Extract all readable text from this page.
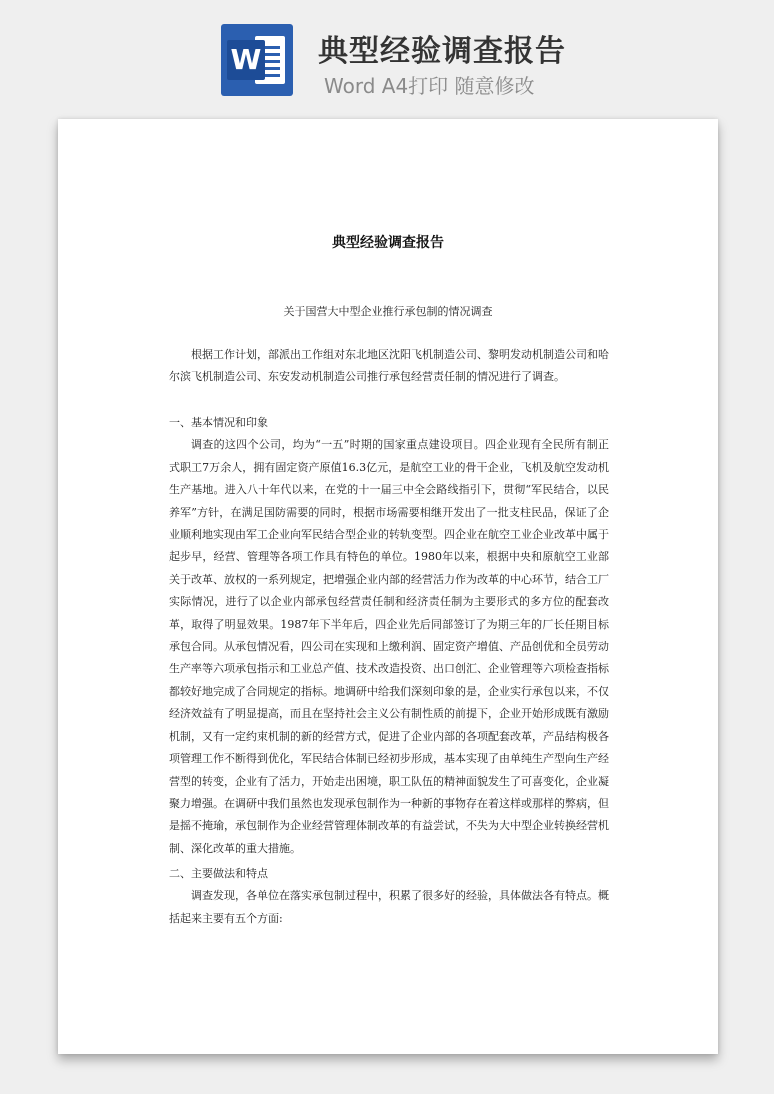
W 典型经验调查报告
Word A4打印 随意修改
典型经验调查报告
关于国营大中型企业推行承包制的情况调查

根据工作计划，部派出工作组对东北地区沈阳飞机制造公司、黎明发动机制造公司和哈尔滨飞机制造公司、东安发动机制造公司推行承包经营责任制的情况进行了调查。

一、基本情况和印象

调查的这四个公司，均为“一五”时期的国家重点建设项目。四企业现有全民所有制正式职工7万余人，拥有固定资产原值16.3亿元，是航空工业的骨干企业，飞机及航空发动机生产基地。进入八十年代以来，在党的十一届三中全会路线指引下，贯彻“军民结合，以民养军”方针，在满足国防需要的同时，根据市场需要相继开发出了一批支柱民品，保证了企业顺利地实现由军工企业向军民结合型企业的转轨变型。四企业在航空工业企业改革中属于起步早，经营、管理等各项工作具有特色的单位。1980年以来，根据中央和原航空工业部关于改革、放权的一系列规定，把增强企业内部的经营活力作为改革的中心环节，结合工厂实际情况，进行了以企业内部承包经营责任制和经济责任制为主要形式的多方位的配套改革，取得了明显效果。1987年下半年后，四企业先后同部签订了为期三年的厂长任期目标承包合同。从承包情况看，四公司在实现和上缴利润、固定资产增值、产品创优和全员劳动生产率等六项承包指示和工业总产值、技术改造投资、出口创汇、企业管理等六项检查指标都较好地完成了合同规定的指标。地调研中给我们深刻印象的是，企业实行承包以来，不仅经济效益有了明显提高，而且在坚持社会主义公有制性质的前提下，企业开始形成既有激励机制，又有一定约束机制的新的经营方式，促进了企业内部的各项配套改革，产品结构极各项管理工作不断得到优化，军民结合体制已经初步形成，基本实现了由单纯生产型向生产经营型的转变，企业有了活力，开始走出困境，职工队伍的精神面貌发生了可喜变化，企业凝聚力增强。在调研中我们虽然也发现承包制作为一种新的事物存在着这样或那样的弊病，但是摇不掩瑜，承包制作为企业经营管理体制改革的有益尝试，不失为大中型企业转换经营机制、深化改革的重大措施。

二、主要做法和特点

调查发现，各单位在落实承包制过程中，积累了很多好的经验，具体做法各有特点。概括起来主要有五个方面:
